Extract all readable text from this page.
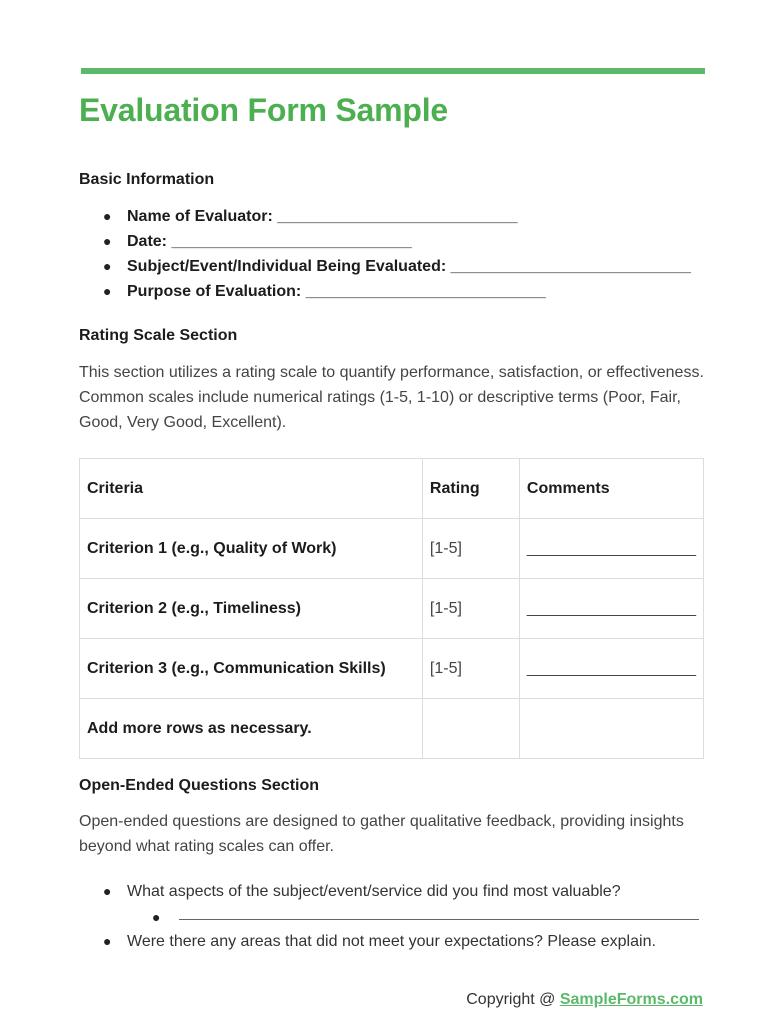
Evaluation Form Sample
Basic Information
● Name of Evaluator: ___________________________
● Date: ___________________________
● Subject/Event/Individual Being Evaluated: ___________________________
● Purpose of Evaluation: ___________________________
Rating Scale Section

This section utilizes a rating scale to quantify performance, satisfaction, or effectiveness. Common scales include numerical ratings (1-5, 1-10) or descriptive terms (Poor, Fair, Good, Very Good, Excellent).

Criteria	Rating	Comments
Criterion 1 (e.g., Quality of Work)	[1-5]	___________________
Criterion 2 (e.g., Timeliness)	[1-5]	___________________
Criterion 3 (e.g., Communication Skills)	[1-5]	___________________
Add more rows as necessary.		
Open-Ended Questions Section

Open-ended questions are designed to gather qualitative feedback, providing insights beyond what rating scales can offer.

● What aspects of the subject/event/service did you find most valuable?
●
● Were there any areas that did not meet your expectations? Please explain.
Copyright @ SampleForms.com
